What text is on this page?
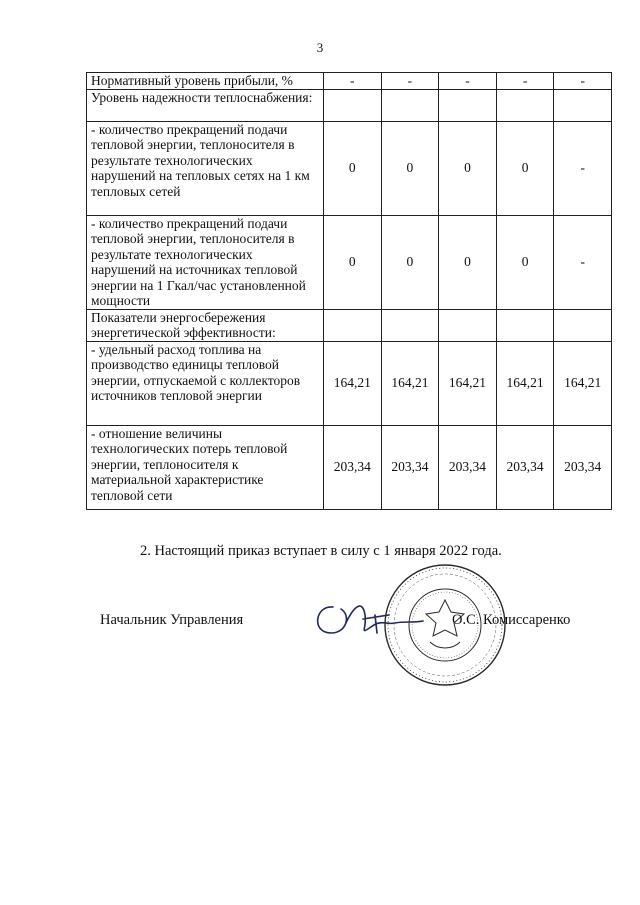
3
Нормативный уровень прибыли, %	-	-	-	-	-
Уровень надежности теплоснабжения:					
- количество прекращений подачи тепловой энергии, теплоносителя в результате технологических нарушений на тепловых сетях на 1 км тепловых сетей	0	0	0	0	-
- количество прекращений подачи тепловой энергии, теплоносителя в результате технологических нарушений на источниках тепловой энергии на 1 Гкал/час установленной мощности	0	0	0	0	-
Показатели энергосбережения энергетической эффективности:					
- удельный расход топлива на производство единицы тепловой энергии, отпускаемой с коллекторов источников тепловой энергии	164,21	164,21	164,21	164,21	164,21
- отношение величины технологических потерь тепловой энергии, теплоносителя к материальной характеристике тепловой сети	203,34	203,34	203,34	203,34	203,34
2. Настоящий приказ вступает в силу с 1 января 2022 года.
Начальник Управления	О.С. Комиссаренко
